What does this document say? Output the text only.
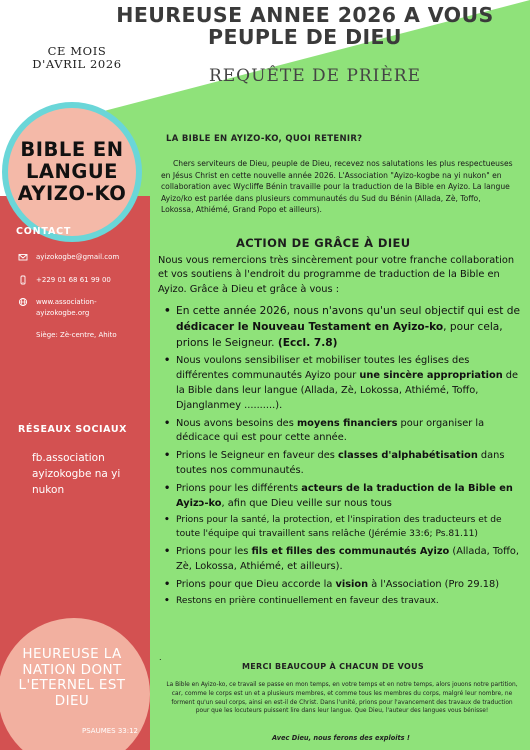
HEUREUSE ANNEE 2026 A VOUS
PEUPLE DE DIEU
CE MOIS
D'AVRIL 2026
REQUÊTE DE PRIÈRE
BIBLE EN
LANGUE
AYIZO-KO
CONTACT
ayizokogbe@gmail.com
+229 01 68 61 99 00
www.association-
ayizokogbe.org
Siège: Zè-centre, Ahito
RÉSEAUX SOCIAUX
fb.association
ayizokogbe na yi
nukon
HEUREUSE LA
NATION DONT
L'ETERNEL EST
DIEU
PSAUMES 33:12
LA BIBLE EN AYIZO-KO, QUOI RETENIR?
Chers serviteurs de Dieu, peuple de Dieu, recevez nos salutations les plus respectueuses en Jésus Christ en cette nouvelle année 2026. L'Association "Ayizo-kogbe na yi nukon" en collaboration avec Wycliffe Bénin travaille pour la traduction de la Bible en Ayizo. La langue Ayizo/ko est parlée dans plusieurs communautés du Sud du Bénin (Allada, Zè, Toffo, Lokossa, Athiémé, Grand Popo et ailleurs).
ACTION DE GRÂCE À DIEU
Nous vous remercions très sincèrement pour votre franche collaboration et vos soutiens à l'endroit du programme de traduction de la Bible en Ayizo. Grâce à Dieu et grâce à vous :
• En cette année 2026, nous n'avons qu'un seul objectif qui est de dédicacer le Nouveau Testament en Ayizo-ko, pour cela, prions le Seigneur. (Eccl. 7.8)
• Nous voulons sensibiliser et mobiliser toutes les églises des différentes communautés Ayizo pour une sincère appropriation de la Bible dans leur langue (Allada, Zè, Lokossa, Athiémé, Toffo, Djanglanmey ..........).
• Nous avons besoins des moyens financiers pour organiser la dédicace qui est pour cette année.
• Prions le Seigneur en faveur des classes d'alphabétisation dans toutes nos communautés.
• Prions pour les différents acteurs de la traduction de la Bible en Ayizɔ-ko, afin que Dieu veille sur nous tous
• Prions pour la santé, la protection, et l'inspiration des traducteurs et de toute l'équipe qui travaillent sans relâche (Jérémie 33:6; Ps.81.11)
• Prions pour les fils et filles des communautés Ayizo (Allada, Toffo, Zè, Lokossa, Athiémé, et ailleurs).
• Prions pour que Dieu accorde la vision à l'Association (Pro 29.18)
• Restons en prière continuellement en faveur des travaux.
.
MERCI BEAUCOUP À CHACUN DE VOUS
La Bible en Ayizo-ko, ce travail se passe en mon temps, en votre temps et en notre temps, alors jouons notre partition, car, comme le corps est un et a plusieurs membres, et comme tous les membres du corps, malgré leur nombre, ne forment qu'un seul corps, ainsi en est-il de Christ. Dans l'unité, prions pour l'avancement des travaux de traduction pour que les locuteurs puissent lire dans leur langue. Que Dieu, l'auteur des langues vous bénisse!
Avec Dieu, nous ferons des exploits !
